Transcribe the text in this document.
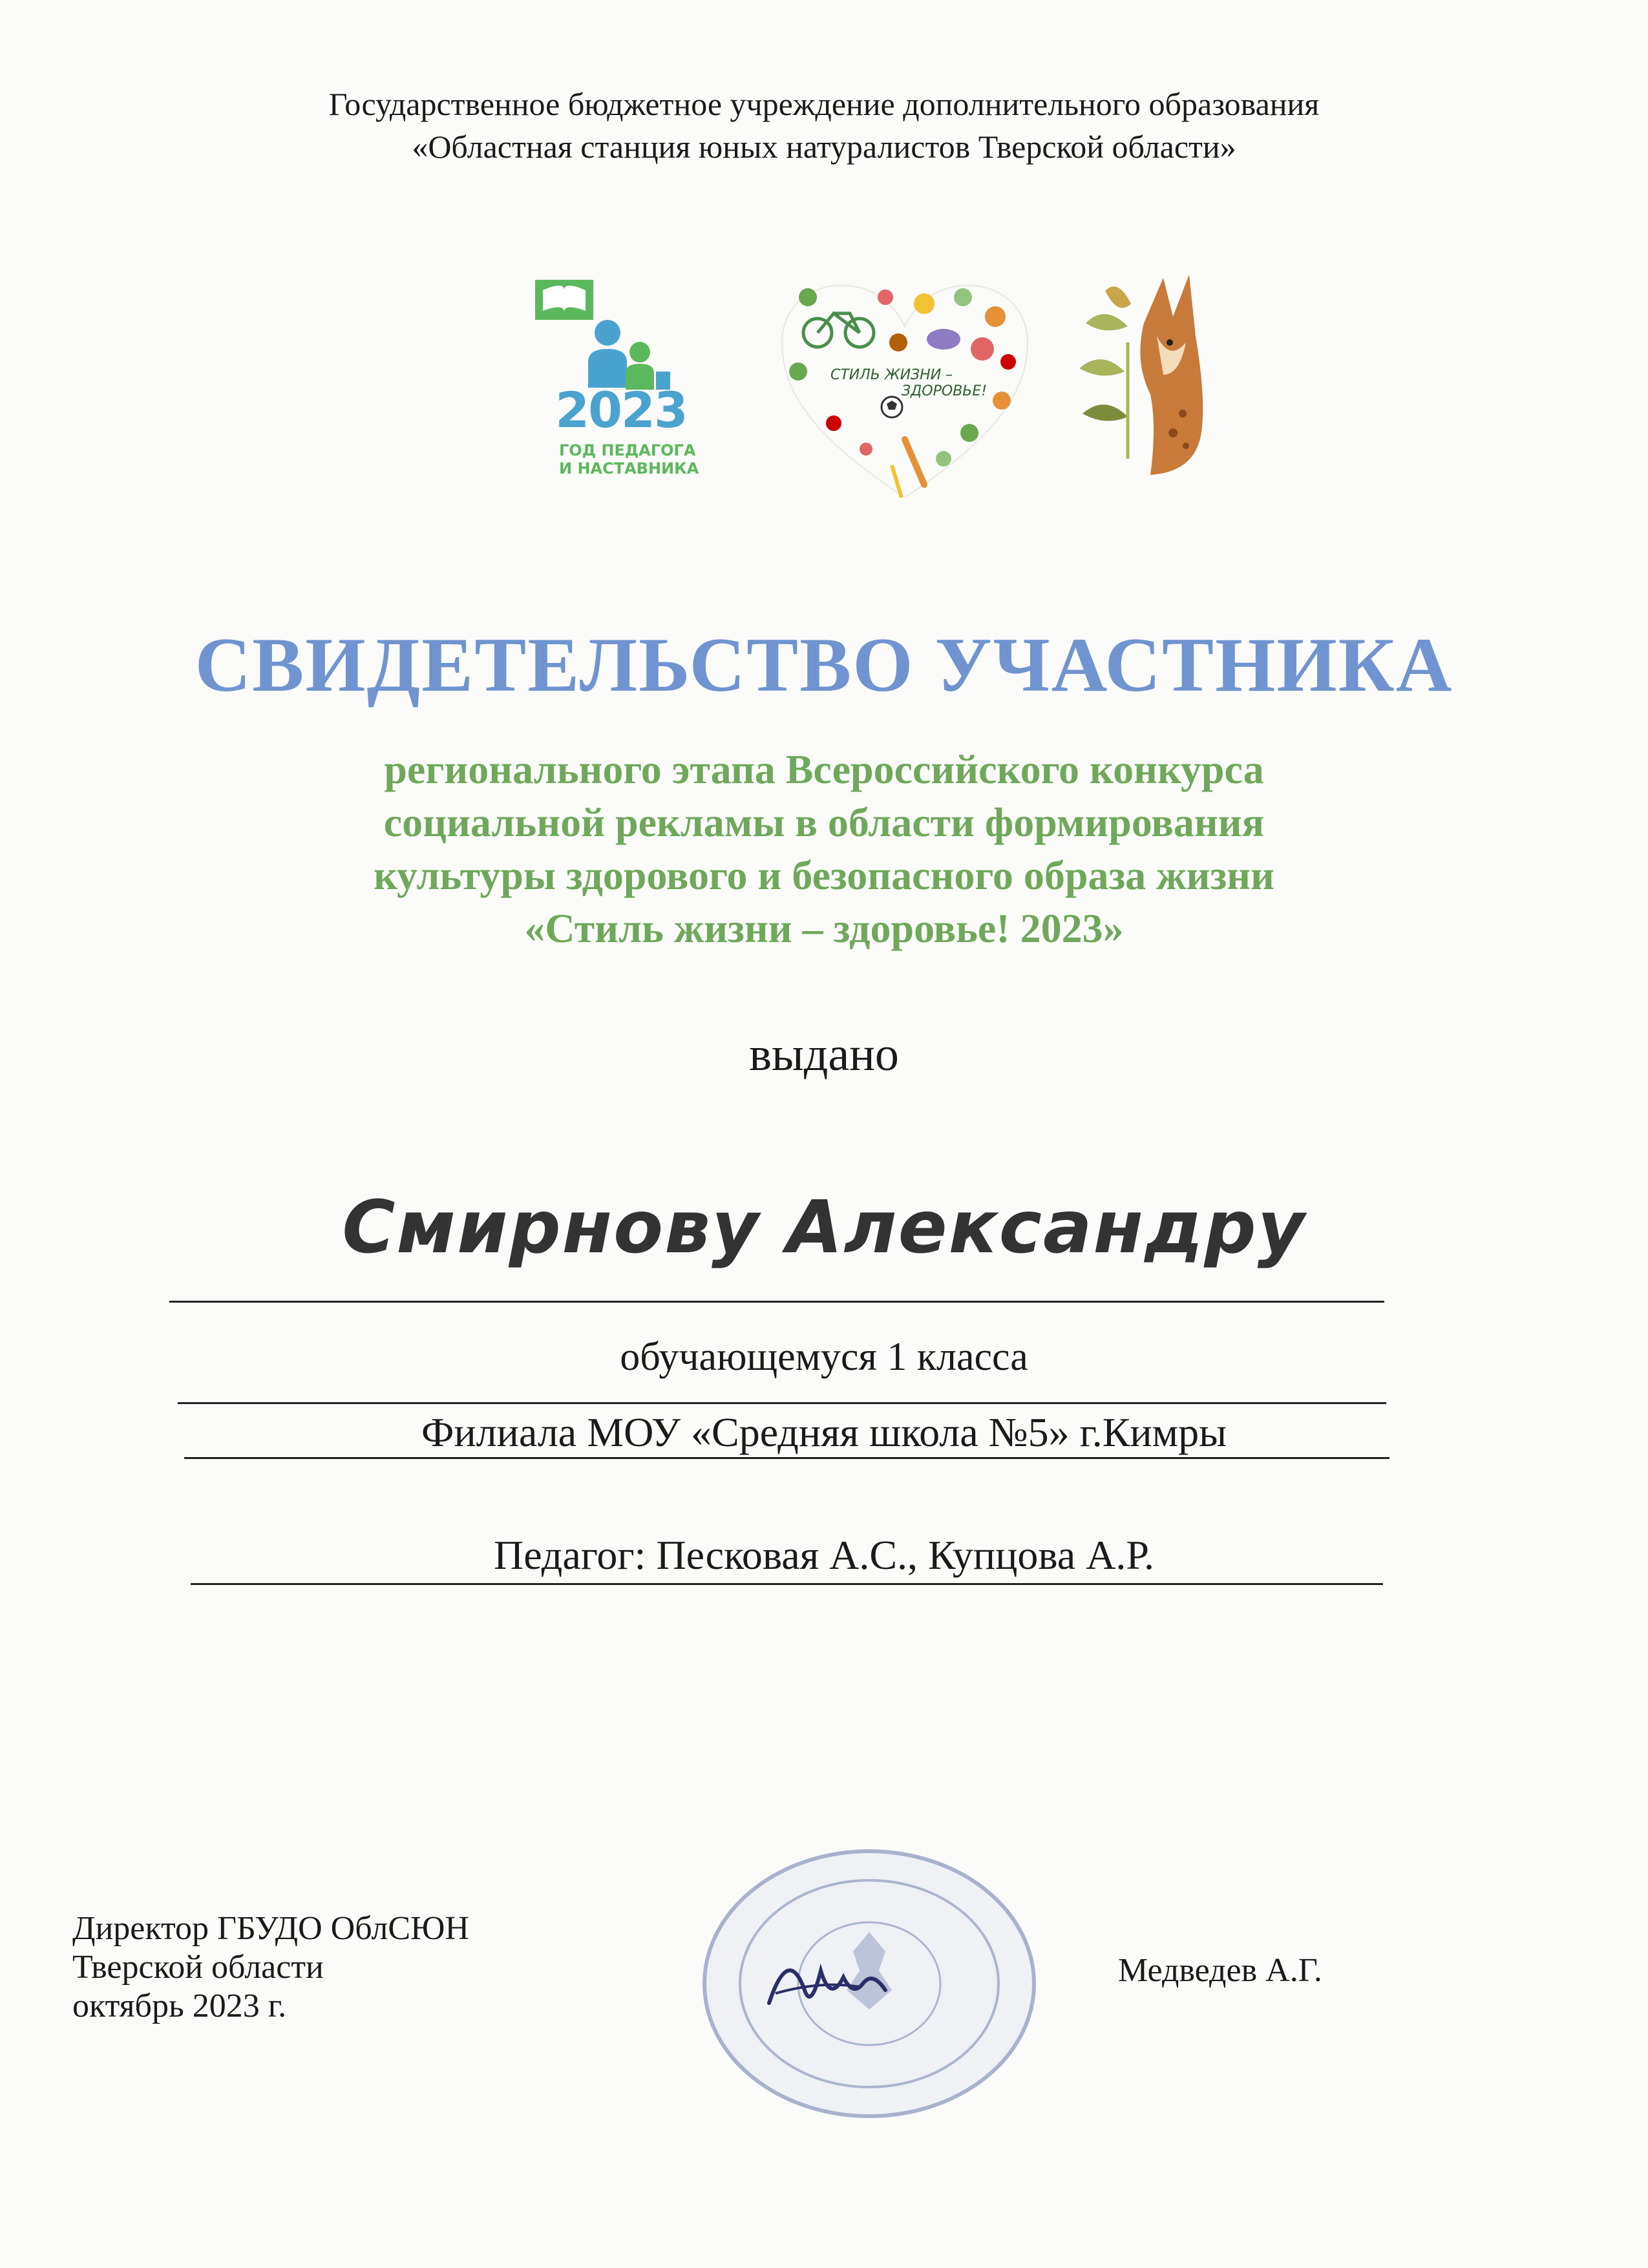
Государственное бюджетное учреждение дополнительного образования
«Областная станция юных натуралистов Тверской области»
2023
ГОД ПЕДАГОГА
И НАСТАВНИКА
СТИЛЬ ЖИЗНИ –
ЗДОРОВЬЕ!
СВИДЕТЕЛЬСТВО УЧАСТНИКА
регионального этапа Всероссийского конкурса
социальной рекламы в области формирования
культуры здорового и безопасного образа жизни
«Стиль жизни – здоровье! 2023»
выдано
Смирнову Александру
обучающемуся 1 класса
Филиала МОУ «Средняя школа №5» г.Кимры
Педагог: Песковая А.С., Купцова А.Р.
Директор ГБУДО ОблСЮН
Тверской области
октябрь 2023 г.
Медведев А.Г.
